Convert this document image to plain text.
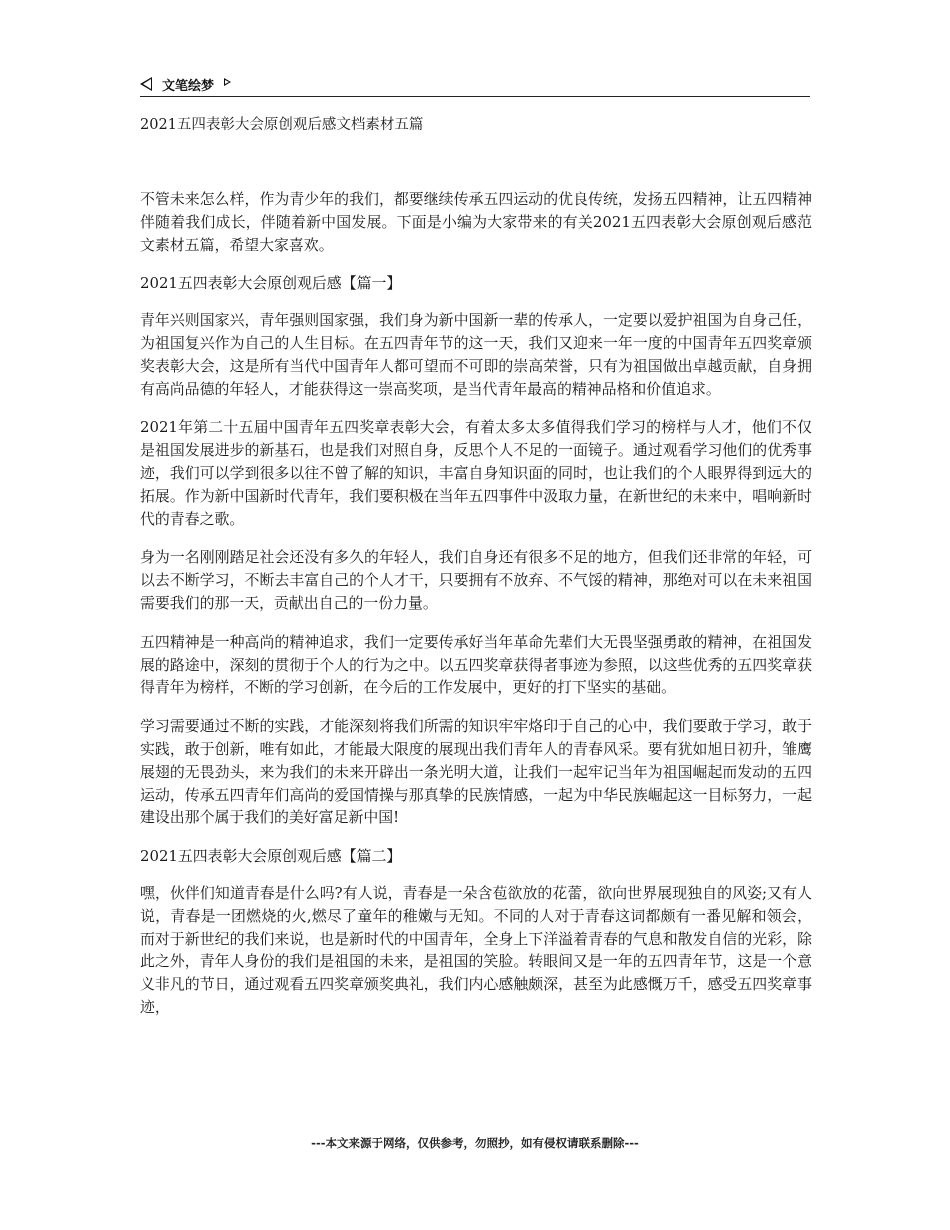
文笔绘梦
2021五四表彰大会原创观后感文档素材五篇

不管未来怎么样，作为青少年的我们，都要继续传承五四运动的优良传统，发扬五四精神，让五四精神伴随着我们成长，伴随着新中国发展。下面是小编为大家带来的有关2021五四表彰大会原创观后感范文素材五篇，希望大家喜欢。

2021五四表彰大会原创观后感【篇一】

青年兴则国家兴，青年强则国家强，我们身为新中国新一辈的传承人，一定要以爱护祖国为自身己任，为祖国复兴作为自己的人生目标。在五四青年节的这一天，我们又迎来一年一度的中国青年五四奖章颁奖表彰大会，这是所有当代中国青年人都可望而不可即的崇高荣誉，只有为祖国做出卓越贡献，自身拥有高尚品德的年轻人，才能获得这一崇高奖项，是当代青年最高的精神品格和价值追求。

2021年第二十五届中国青年五四奖章表彰大会，有着太多太多值得我们学习的榜样与人才，他们不仅是祖国发展进步的新基石，也是我们对照自身，反思个人不足的一面镜子。通过观看学习他们的优秀事迹，我们可以学到很多以往不曾了解的知识，丰富自身知识面的同时，也让我们的个人眼界得到远大的拓展。作为新中国新时代青年，我们要积极在当年五四事件中汲取力量，在新世纪的未来中，唱响新时代的青春之歌。

身为一名刚刚踏足社会还没有多久的年轻人，我们自身还有很多不足的地方，但我们还非常的年轻，可以去不断学习，不断去丰富自己的个人才干，只要拥有不放弃、不气馁的精神，那绝对可以在未来祖国需要我们的那一天，贡献出自己的一份力量。

五四精神是一种高尚的精神追求，我们一定要传承好当年革命先辈们大无畏坚强勇敢的精神，在祖国发展的路途中，深刻的贯彻于个人的行为之中。以五四奖章获得者事迹为参照，以这些优秀的五四奖章获得青年为榜样，不断的学习创新，在今后的工作发展中，更好的打下坚实的基础。

学习需要通过不断的实践，才能深刻将我们所需的知识牢牢烙印于自己的心中，我们要敢于学习，敢于实践，敢于创新，唯有如此，才能最大限度的展现出我们青年人的青春风采。要有犹如旭日初升，雏鹰展翅的无畏劲头，来为我们的未来开辟出一条光明大道，让我们一起牢记当年为祖国崛起而发动的五四运动，传承五四青年们高尚的爱国情操与那真挚的民族情感，一起为中华民族崛起这一目标努力，一起建设出那个属于我们的美好富足新中国!

2021五四表彰大会原创观后感【篇二】

嘿，伙伴们知道青春是什么吗?有人说，青春是一朵含苞欲放的花蕾，欲向世界展现独自的风姿;又有人说，青春是一团燃烧的火,燃尽了童年的稚嫩与无知。不同的人对于青春这词都颇有一番见解和领会，而对于新世纪的我们来说，也是新时代的中国青年，全身上下洋溢着青春的气息和散发自信的光彩，除此之外，青年人身份的我们是祖国的未来，是祖国的笑脸。转眼间又是一年的五四青年节，这是一个意义非凡的节日，通过观看五四奖章颁奖典礼，我们内心感触颇深，甚至为此感慨万千，感受五四奖章事迹，

---本文来源于网络，仅供参考，勿照抄，如有侵权请联系删除---
